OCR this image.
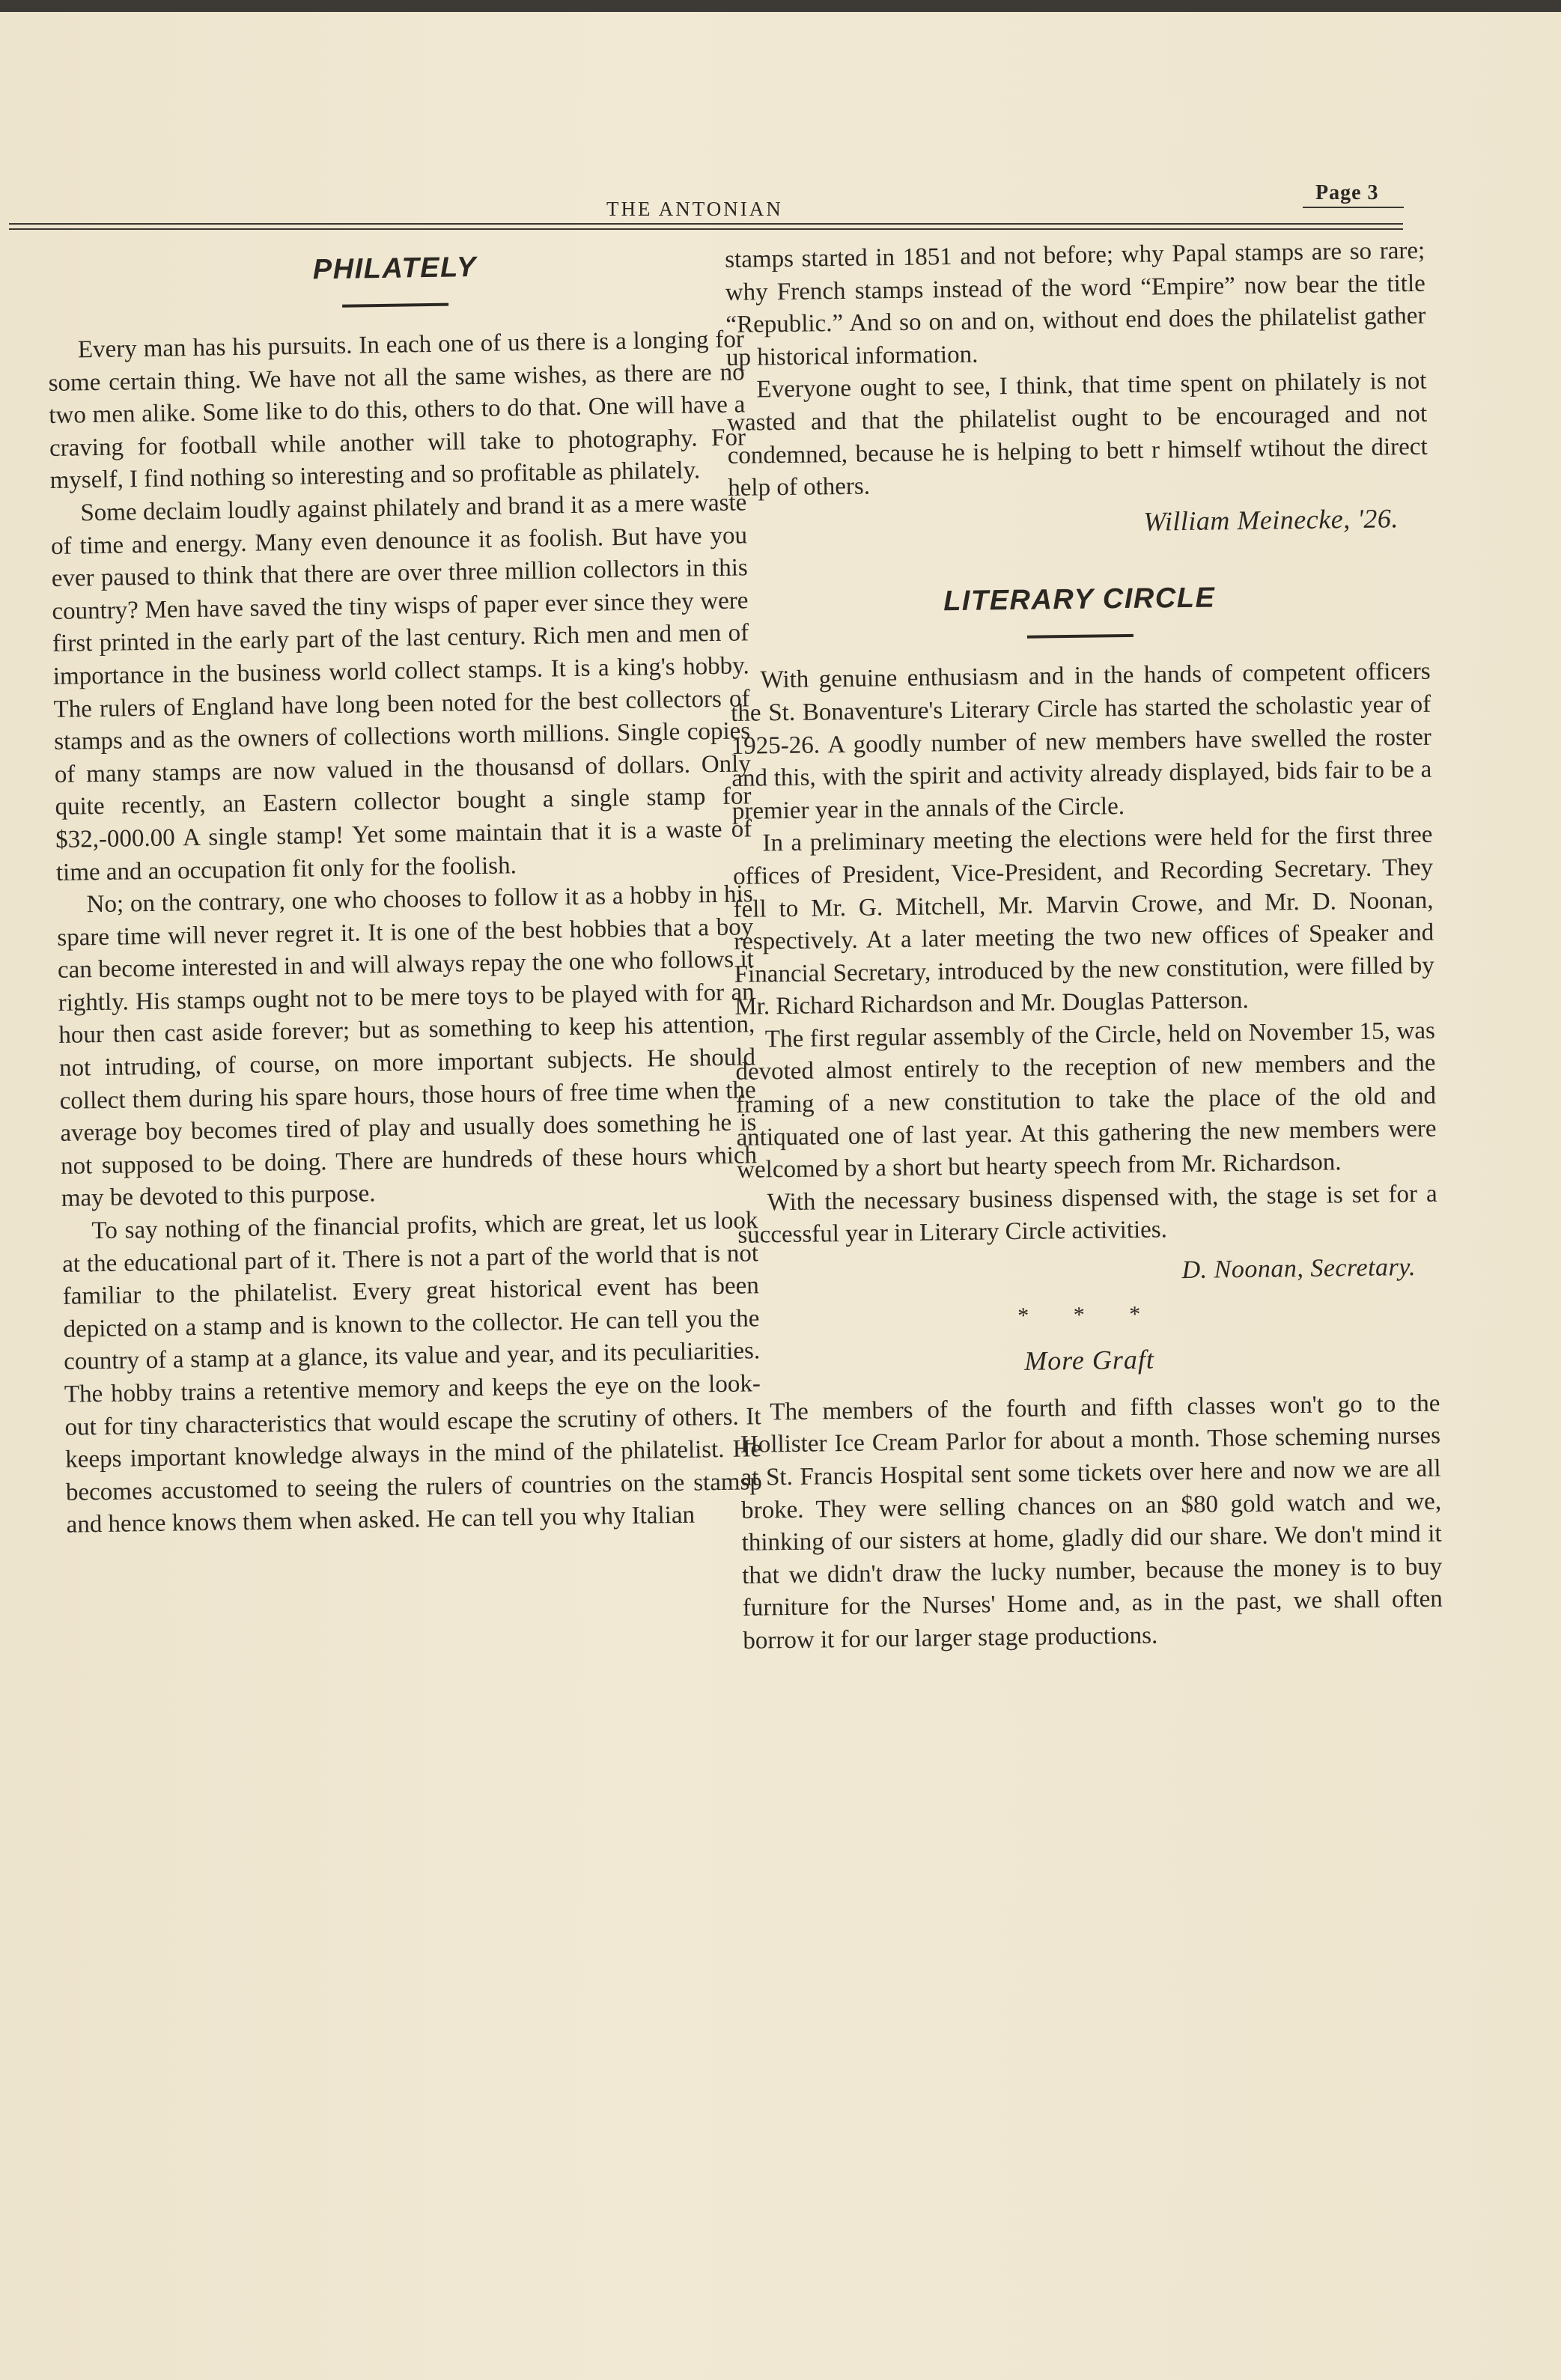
THE ANTONIAN
Page 3
PHILATELY

Every man has his pursuits. In each one of us there is a longing for some certain thing. We have not all the same wishes, as there are no two men alike. Some like to do this, others to do that. One will have a craving for football while another will take to photography. For myself, I find nothing so interesting and so profitable as philately.

Some declaim loudly against philately and brand it as a mere waste of time and energy. Many even denounce it as foolish. But have you ever paused to think that there are over three million collectors in this country? Men have saved the tiny wisps of paper ever since they were first printed in the early part of the last century. Rich men and men of importance in the business world collect stamps. It is a king's hobby. The rulers of England have long been noted for the best collectors of stamps and as the owners of collections worth millions. Single copies of many stamps are now valued in the thousansd of dollars. Only quite recently, an Eastern collector bought a single stamp for $32,-000.00 A single stamp! Yet some maintain that it is a waste of time and an occupation fit only for the foolish.

No; on the contrary, one who chooses to follow it as a hobby in his spare time will never regret it. It is one of the best hobbies that a boy can become interested in and will always repay the one who follows it rightly. His stamps ought not to be mere toys to be played with for an hour then cast aside forever; but as something to keep his attention, not intruding, of course, on more important subjects. He should collect them during his spare hours, those hours of free time when the average boy becomes tired of play and usually does something he is not supposed to be doing. There are hundreds of these hours which may be devoted to this purpose.

To say nothing of the financial profits, which are great, let us look at the educational part of it. There is not a part of the world that is not familiar to the philatelist. Every great historical event has been depicted on a stamp and is known to the collector. He can tell you the country of a stamp at a glance, its value and year, and its peculiarities. The hobby trains a retentive memory and keeps the eye on the look-out for tiny characteristics that would escape the scrutiny of others. It keeps important knowledge always in the mind of the philatelist. He becomes accustomed to seeing the rulers of countries on the stamsp and hence knows them when asked. He can tell you why Italian

stamps started in 1851 and not before; why Papal stamps are so rare; why French stamps instead of the word “Empire” now bear the title “Republic.” And so on and on, without end does the philatelist gather up historical information.

Everyone ought to see, I think, that time spent on philately is not wasted and that the philatelist ought to be encouraged and not condemned, because he is helping to bett r himself wtihout the direct help of others.

William Meinecke, '26.
LITERARY CIRCLE

With genuine enthusiasm and in the hands of competent officers the St. Bonaventure's Literary Circle has started the scholastic year of 1925-26. A goodly number of new members have swelled the roster and this, with the spirit and activity already displayed, bids fair to be a premier year in the annals of the Circle.

In a preliminary meeting the elections were held for the first three offices of President, Vice-President, and Recording Secretary. They fell to Mr. G. Mitchell, Mr. Marvin Crowe, and Mr. D. Noonan, respectively. At a later meeting the two new offices of Speaker and Financial Secretary, introduced by the new constitution, were filled by Mr. Richard Richardson and Mr. Douglas Patterson.

The first regular assembly of the Circle, held on November 15, was devoted almost entirely to the reception of new members and the framing of a new constitution to take the place of the old and antiquated one of last year. At this gathering the new members were welcomed by a short but hearty speech from Mr. Richardson.

With the necessary business dispensed with, the stage is set for a successful year in Literary Circle activities.

D. Noonan, Secretary.
* * *
More Graft

The members of the fourth and fifth classes won't go to the Hollister Ice Cream Parlor for about a month. Those scheming nurses at St. Francis Hospital sent some tickets over here and now we are all broke. They were selling chances on an $80 gold watch and we, thinking of our sisters at home, gladly did our share. We don't mind it that we didn't draw the lucky number, because the money is to buy furniture for the Nurses' Home and, as in the past, we shall often borrow it for our larger stage productions.
